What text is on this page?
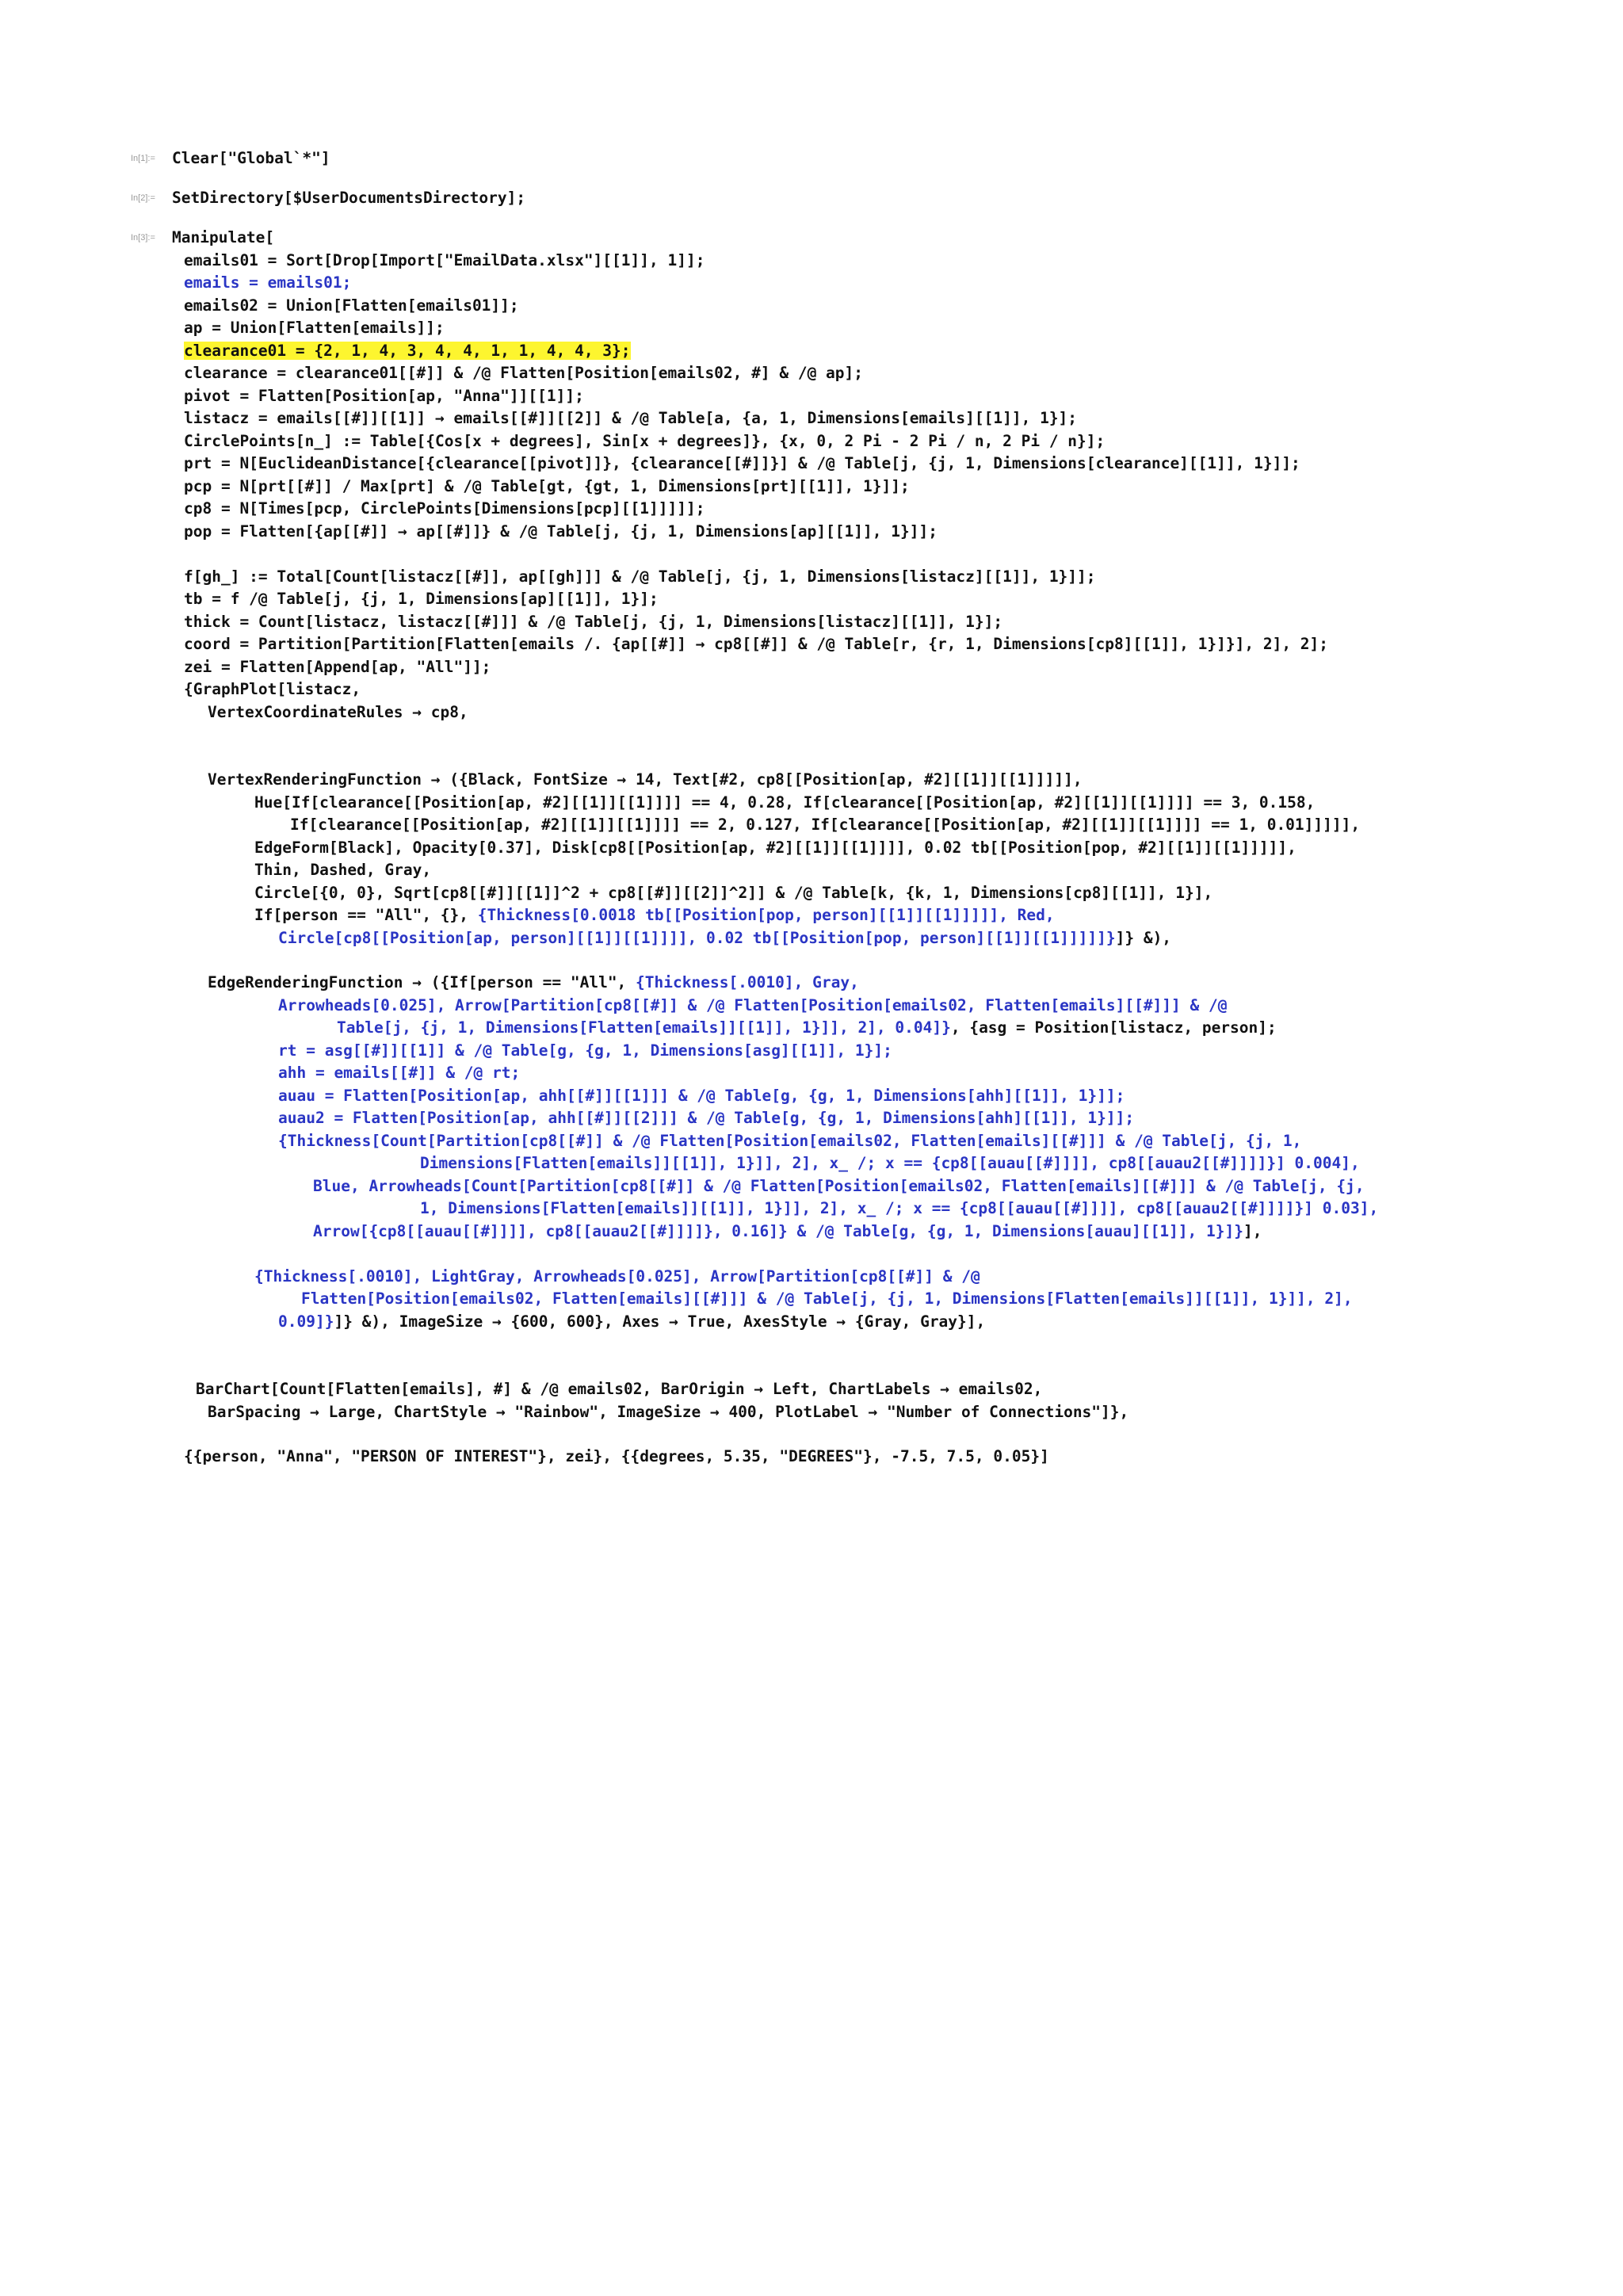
In[1]:=
In[2]:=
In[3]:=
Clear["Global`*"]
SetDirectory[$UserDocumentsDirectory];
Manipulate[
emails01 = Sort[Drop[Import["EmailData.xlsx"][[1]], 1]];
emails = emails01;
emails02 = Union[Flatten[emails01]];
ap = Union[Flatten[emails]];
clearance01 = {2, 1, 4, 3, 4, 4, 1, 1, 4, 4, 3};
clearance = clearance01[[#]] & /@ Flatten[Position[emails02, #] & /@ ap];
pivot = Flatten[Position[ap, "Anna"]][[1]];
listacz = emails[[#]][[1]] → emails[[#]][[2]] & /@ Table[a, {a, 1, Dimensions[emails][[1]], 1}];
CirclePoints[n_] := Table[{Cos[x + degrees], Sin[x + degrees]}, {x, 0, 2 Pi - 2 Pi / n, 2 Pi / n}];
prt = N[EuclideanDistance[{clearance[[pivot]]}, {clearance[[#]]}] & /@ Table[j, {j, 1, Dimensions[clearance][[1]], 1}]];
pcp = N[prt[[#]] / Max[prt] & /@ Table[gt, {gt, 1, Dimensions[prt][[1]], 1}]];
cp8 = N[Times[pcp, CirclePoints[Dimensions[pcp][[1]]]]];
pop = Flatten[{ap[[#]] → ap[[#]]} & /@ Table[j, {j, 1, Dimensions[ap][[1]], 1}]];
f[gh_] := Total[Count[listacz[[#]], ap[[gh]]] & /@ Table[j, {j, 1, Dimensions[listacz][[1]], 1}]];
tb = f /@ Table[j, {j, 1, Dimensions[ap][[1]], 1}];
thick = Count[listacz, listacz[[#]]] & /@ Table[j, {j, 1, Dimensions[listacz][[1]], 1}];
coord = Partition[Partition[Flatten[emails /. {ap[[#]] → cp8[[#]] & /@ Table[r, {r, 1, Dimensions[cp8][[1]], 1}]}], 2], 2];
zei = Flatten[Append[ap, "All"]];
{GraphPlot[listacz,
VertexCoordinateRules → cp8,
VertexRenderingFunction → ({Black, FontSize → 14, Text[#2, cp8[[Position[ap, #2][[1]][[1]]]]],
Hue[If[clearance[[Position[ap, #2][[1]][[1]]]] == 4, 0.28, If[clearance[[Position[ap, #2][[1]][[1]]]] == 3, 0.158,
If[clearance[[Position[ap, #2][[1]][[1]]]] == 2, 0.127, If[clearance[[Position[ap, #2][[1]][[1]]]] == 1, 0.01]]]]],
EdgeForm[Black], Opacity[0.37], Disk[cp8[[Position[ap, #2][[1]][[1]]]], 0.02 tb[[Position[pop, #2][[1]][[1]]]]],
Thin, Dashed, Gray,
Circle[{0, 0}, Sqrt[cp8[[#]][[1]]^2 + cp8[[#]][[2]]^2]] & /@ Table[k, {k, 1, Dimensions[cp8][[1]], 1}],
If[person == "All", {}, {Thickness[0.0018 tb[[Position[pop, person][[1]][[1]]]]], Red,
Circle[cp8[[Position[ap, person][[1]][[1]]]], 0.02 tb[[Position[pop, person][[1]][[1]]]]]}]} &),
EdgeRenderingFunction → ({If[person == "All", {Thickness[.0010], Gray,
Arrowheads[0.025], Arrow[Partition[cp8[[#]] & /@ Flatten[Position[emails02, Flatten[emails][[#]]] & /@
Table[j, {j, 1, Dimensions[Flatten[emails]][[1]], 1}]], 2], 0.04]}, {asg = Position[listacz, person];
rt = asg[[#]][[1]] & /@ Table[g, {g, 1, Dimensions[asg][[1]], 1}];
ahh = emails[[#]] & /@ rt;
auau = Flatten[Position[ap, ahh[[#]][[1]]] & /@ Table[g, {g, 1, Dimensions[ahh][[1]], 1}]];
auau2 = Flatten[Position[ap, ahh[[#]][[2]]] & /@ Table[g, {g, 1, Dimensions[ahh][[1]], 1}]];
{Thickness[Count[Partition[cp8[[#]] & /@ Flatten[Position[emails02, Flatten[emails][[#]]] & /@ Table[j, {j, 1,
Dimensions[Flatten[emails]][[1]], 1}]], 2], x_ /; x == {cp8[[auau[[#]]]], cp8[[auau2[[#]]]]}] 0.004],
Blue, Arrowheads[Count[Partition[cp8[[#]] & /@ Flatten[Position[emails02, Flatten[emails][[#]]] & /@ Table[j, {j,
1, Dimensions[Flatten[emails]][[1]], 1}]], 2], x_ /; x == {cp8[[auau[[#]]]], cp8[[auau2[[#]]]]}] 0.03],
Arrow[{cp8[[auau[[#]]]], cp8[[auau2[[#]]]]}, 0.16]} & /@ Table[g, {g, 1, Dimensions[auau][[1]], 1}]}],
{Thickness[.0010], LightGray, Arrowheads[0.025], Arrow[Partition[cp8[[#]] & /@
Flatten[Position[emails02, Flatten[emails][[#]]] & /@ Table[j, {j, 1, Dimensions[Flatten[emails]][[1]], 1}]], 2],
0.09]}]} &), ImageSize → {600, 600}, Axes → True, AxesStyle → {Gray, Gray}],
BarChart[Count[Flatten[emails], #] & /@ emails02, BarOrigin → Left, ChartLabels → emails02,
BarSpacing → Large, ChartStyle → "Rainbow", ImageSize → 400, PlotLabel → "Number of Connections"]},
{{person, "Anna", "PERSON OF INTEREST"}, zei}, {{degrees, 5.35, "DEGREES"}, -7.5, 7.5, 0.05}]
